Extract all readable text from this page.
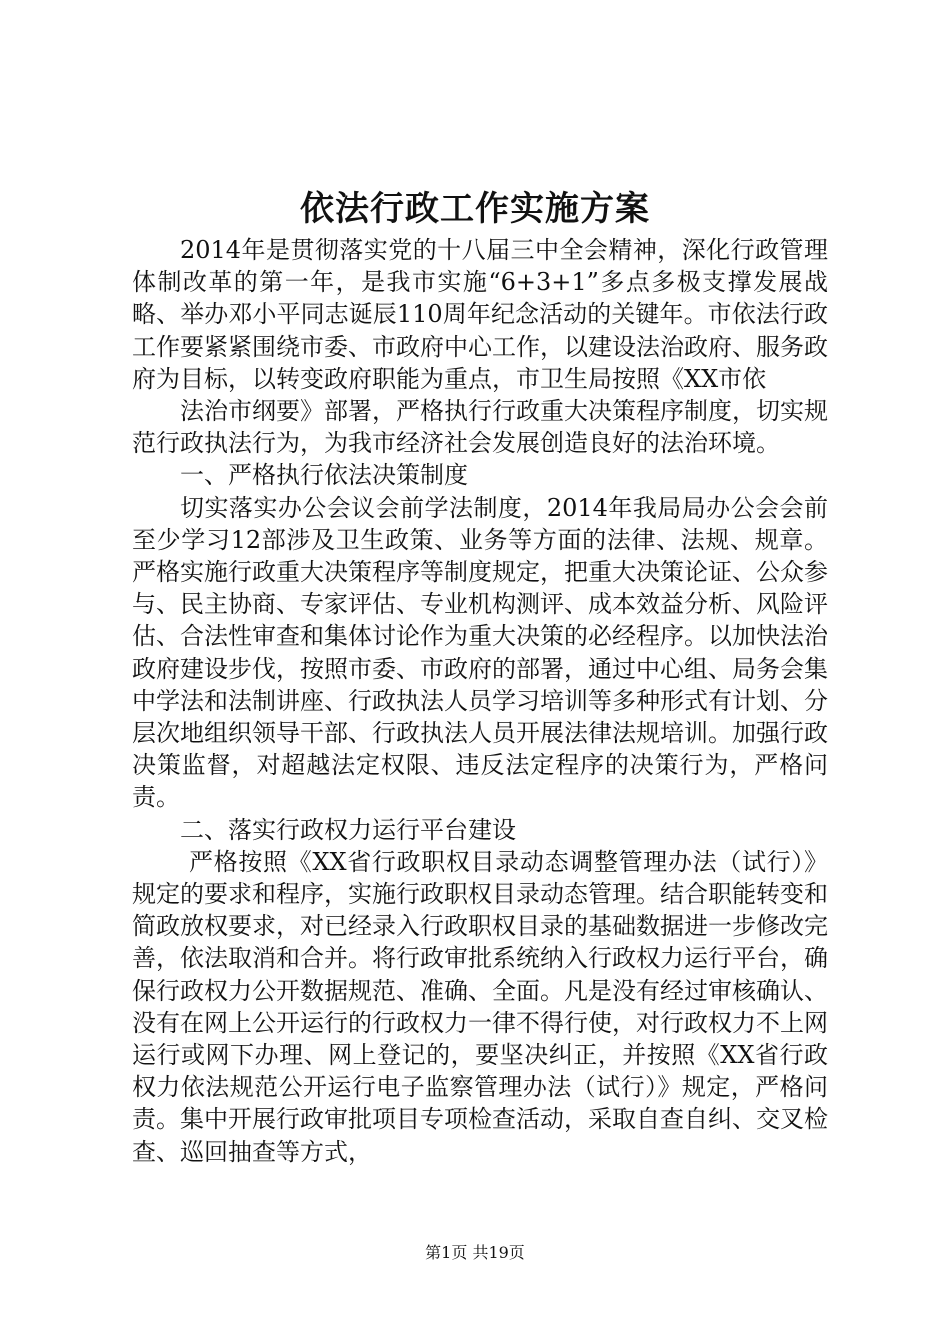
依法行政工作实施方案

2014年是贯彻落实党的十八届三中全会精神，深化行政管理体制改革的第一年，是我市实施“6+3+1”多点多极支撑发展战略、举办邓小平同志诞辰110周年纪念活动的关键年。市依法行政工作要紧紧围绕市委、市政府中心工作，以建设法治政府、服务政府为目标，以转变政府职能为重点，市卫生局按照《XX市依

法治市纲要》部署，严格执行行政重大决策程序制度，切实规范行政执法行为，为我市经济社会发展创造良好的法治环境。

一、严格执行依法决策制度

切实落实办公会议会前学法制度，2014年我局局办公会会前至少学习12部涉及卫生政策、业务等方面的法律、法规、规章。严格实施行政重大决策程序等制度规定，把重大决策论证、公众参与、民主协商、专家评估、专业机构测评、成本效益分析、风险评估、合法性审查和集体讨论作为重大决策的必经程序。以加快法治政府建设步伐，按照市委、市政府的部署，通过中心组、局务会集中学法和法制讲座、行政执法人员学习培训等多种形式有计划、分层次地组织领导干部、行政执法人员开展法律法规培训。加强行政决策监督，对超越法定权限、违反法定程序的决策行为，严格问责。

二、落实行政权力运行平台建设

严格按照《XX省行政职权目录动态调整管理办法（试行）》规定的要求和程序，实施行政职权目录动态管理。结合职能转变和简政放权要求，对已经录入行政职权目录的基础数据进一步修改完善，依法取消和合并。将行政审批系统纳入行政权力运行平台，确保行政权力公开数据规范、准确、全面。凡是没有经过审核确认、没有在网上公开运行的行政权力一律不得行使，对行政权力不上网运行或网下办理、网上登记的，要坚决纠正，并按照《XX省行政权力依法规范公开运行电子监察管理办法（试行）》规定，严格问责。集中开展行政审批项目专项检查活动，采取自查自纠、交叉检查、巡回抽查等方式，

第1页 共19页
